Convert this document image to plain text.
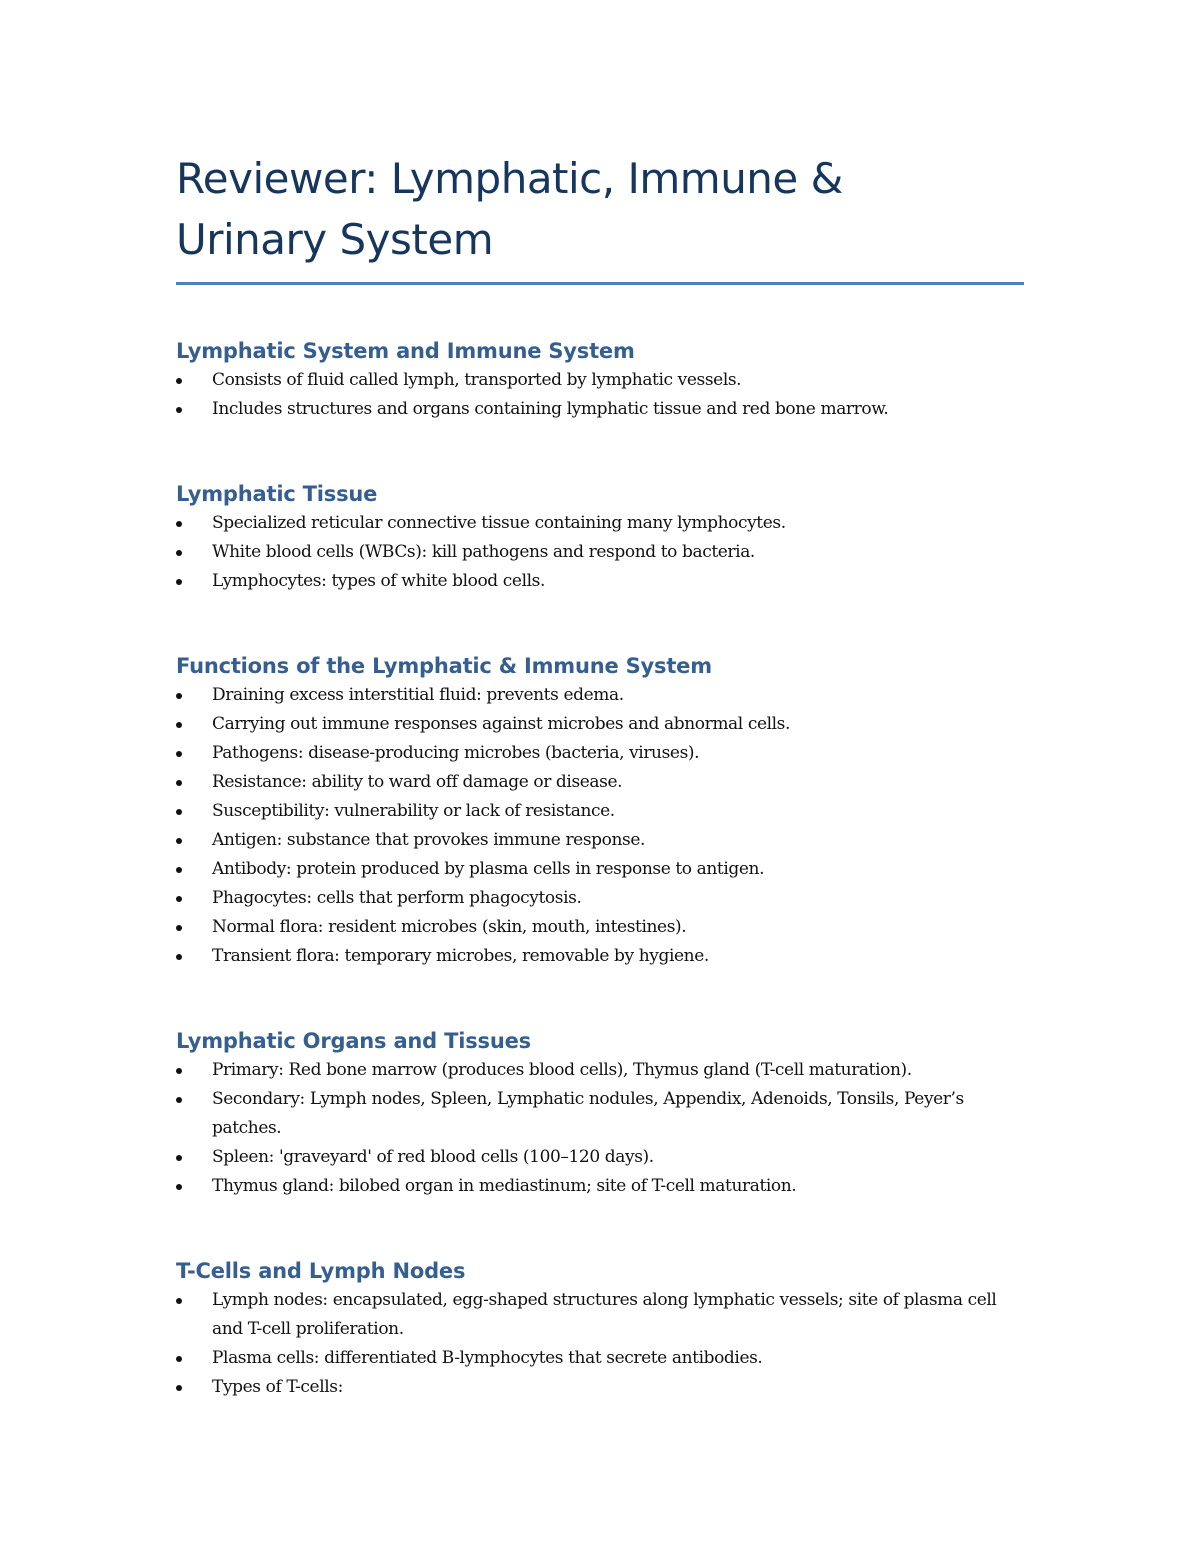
Reviewer: Lymphatic, Immune &
Urinary System
Lymphatic System and Immune System
Consists of fluid called lymph, transported by lymphatic vessels.
Includes structures and organs containing lymphatic tissue and red bone marrow.
Lymphatic Tissue
Specialized reticular connective tissue containing many lymphocytes.
White blood cells (WBCs): kill pathogens and respond to bacteria.
Lymphocytes: types of white blood cells.
Functions of the Lymphatic & Immune System
Draining excess interstitial fluid: prevents edema.
Carrying out immune responses against microbes and abnormal cells.
Pathogens: disease-producing microbes (bacteria, viruses).
Resistance: ability to ward off damage or disease.
Susceptibility: vulnerability or lack of resistance.
Antigen: substance that provokes immune response.
Antibody: protein produced by plasma cells in response to antigen.
Phagocytes: cells that perform phagocytosis.
Normal flora: resident microbes (skin, mouth, intestines).
Transient flora: temporary microbes, removable by hygiene.
Lymphatic Organs and Tissues
Primary: Red bone marrow (produces blood cells), Thymus gland (T-cell maturation).
Secondary: Lymph nodes, Spleen, Lymphatic nodules, Appendix, Adenoids, Tonsils, Peyer’s patches.
Spleen: 'graveyard' of red blood cells (100–120 days).
Thymus gland: bilobed organ in mediastinum; site of T-cell maturation.
T-Cells and Lymph Nodes
Lymph nodes: encapsulated, egg-shaped structures along lymphatic vessels; site of plasma cell and T-cell proliferation.
Plasma cells: differentiated B-lymphocytes that secrete antibodies.
Types of T-cells:
